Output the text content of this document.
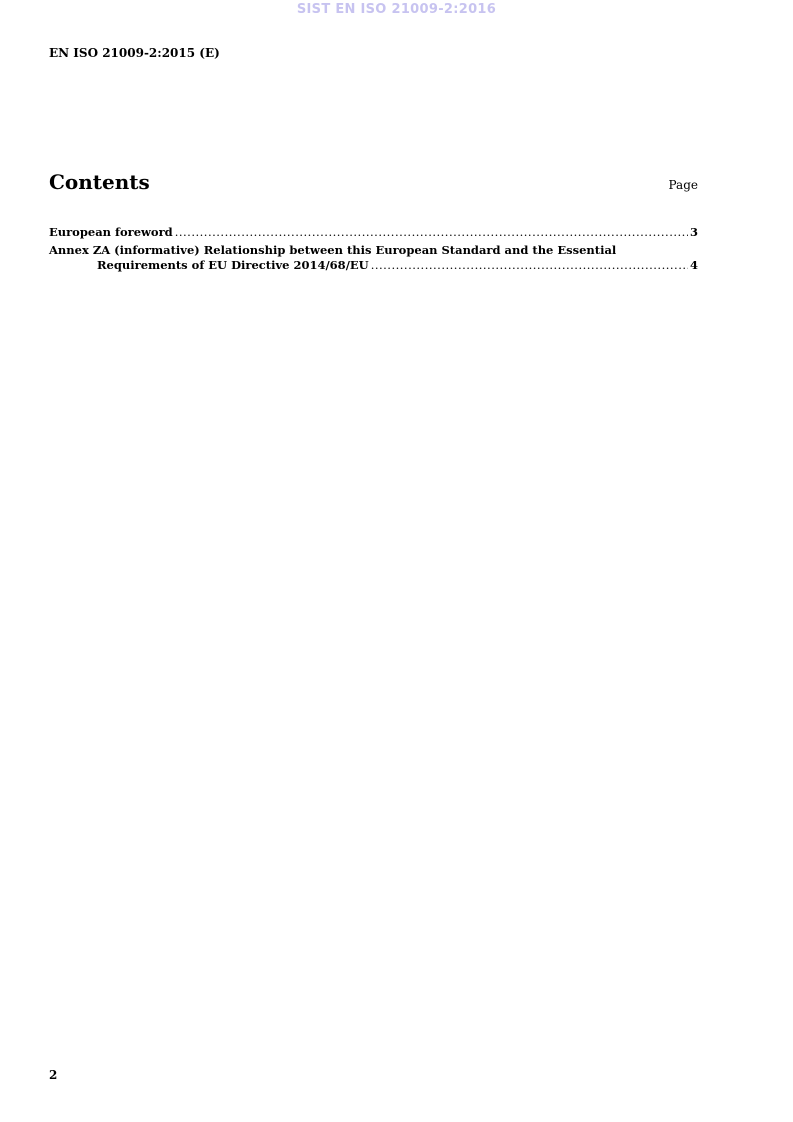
SIST EN ISO 21009-2:2016
EN ISO 21009-2:2015 (E)
Contents	Page
European foreword .....	3
Annex ZA (informative) Relationship between this European Standard and the Essential
Requirements of EU Directive 2014/68/EU .....	4
2
